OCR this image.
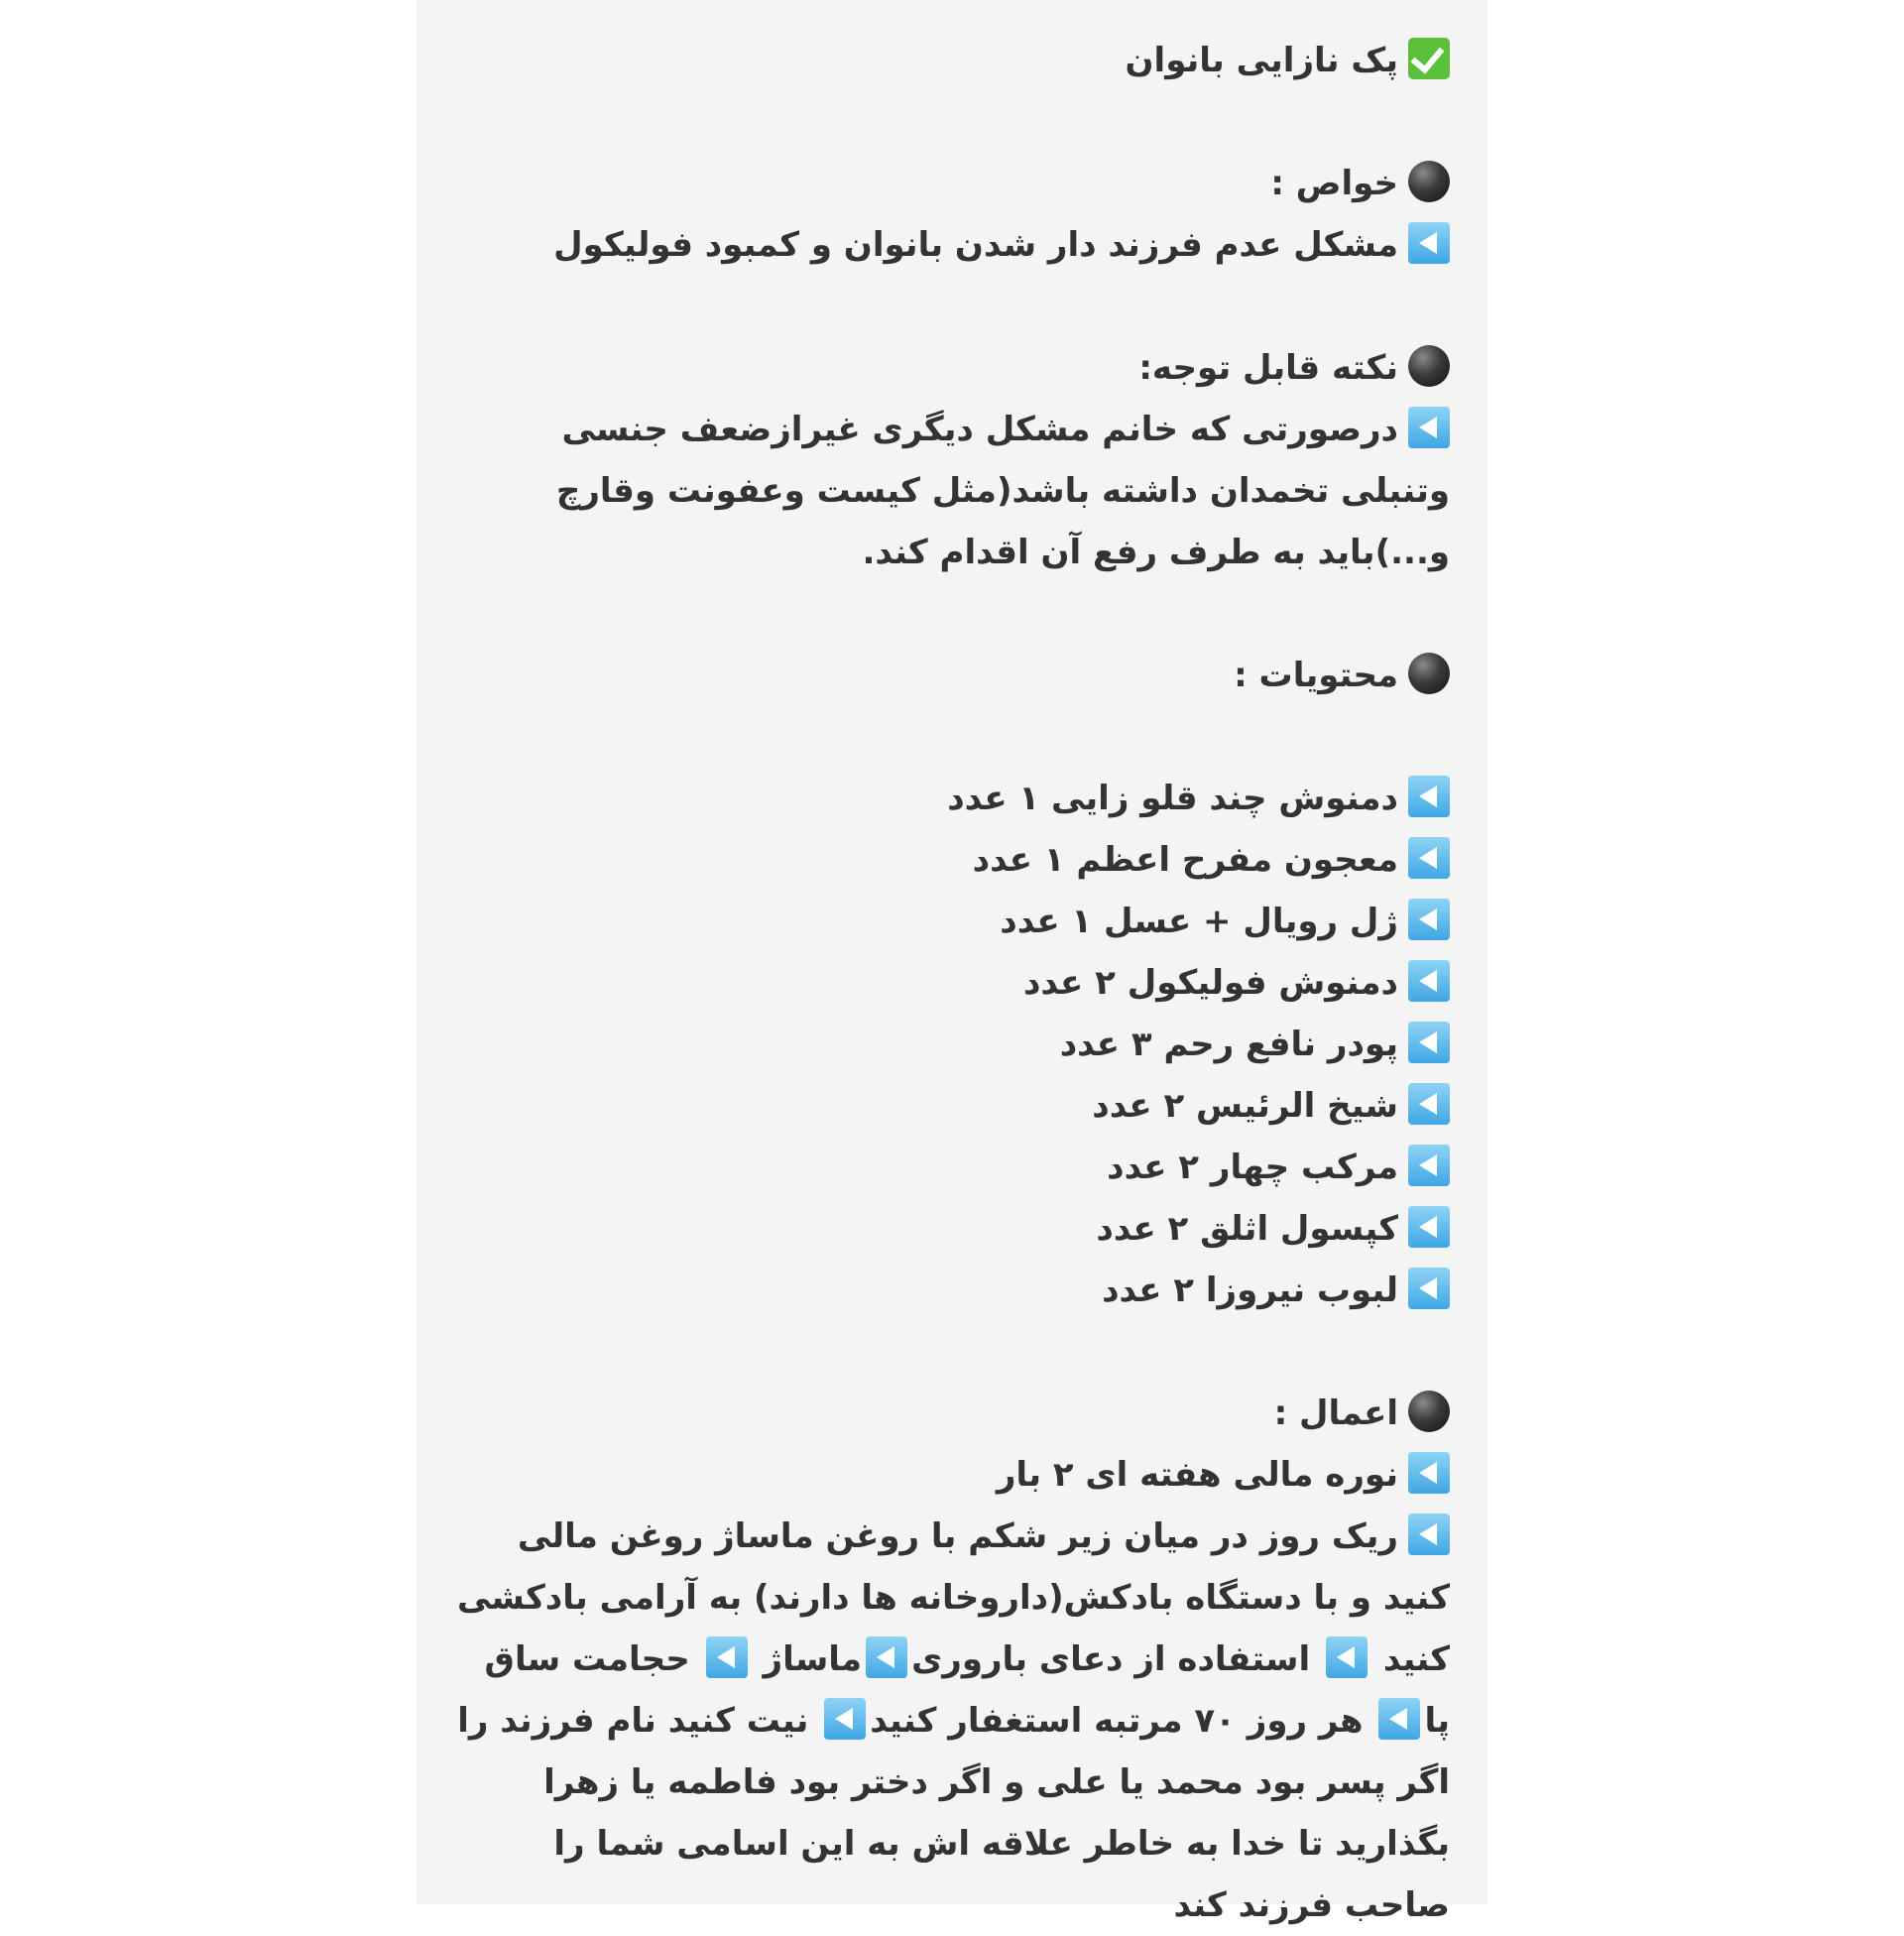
پک نازایی بانوان
خواص :
مشکل عدم فرزند دار شدن بانوان و کمبود فولیکول
نکته قابل توجه:
درصورتی که خانم مشکل دیگری غیرازضعف جنسی وتنبلی تخمدان داشته باشد(مثل کیست وعفونت وقارچ و...)باید به طرف رفع آن اقدام کند.
محتویات :
دمنوش چند قلو زایی ۱ عدد
معجون مفرح اعظم ۱ عدد
ژل رویال + عسل ۱ عدد
دمنوش فولیکول ۲ عدد
پودر نافع رحم ۳ عدد
شیخ الرئیس ۲ عدد
مرکب چهار ۲ عدد
کپسول اثلق ۲ عدد
لبوب نیروزا ۲ عدد
اعمال :
نوره مالی هفته ای ۲ بار
ریک روز در میان زیر شکم با روغن ماساژ روغن مالی کنید و با دستگاه بادکش(داروخانه ها دارند) به آرامی بادکشی کنید  استفاده از دعای باروریماساژ  حجامت ساق پا هر روز ۷۰ مرتبه استغفار کنید نیت کنید نام فرزند را اگر پسر بود محمد یا علی و اگر دختر بود فاطمه یا زهرا بگذارید تا خدا به خاطر علاقه اش به این اسامی شما را صاحب فرزند کند
